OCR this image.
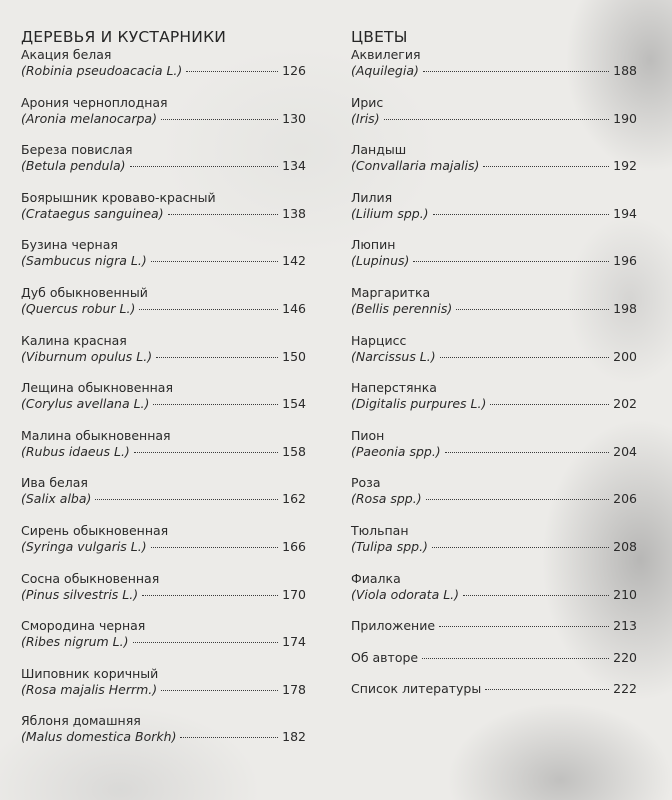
ДЕРЕВЬЯ И КУСТАРНИКИ
Акация белая
(Robinia pseudoacacia L.)	126
Арония черноплодная
(Aronia melanocarpa)	130
Береза повислая
(Betula pendula)	134
Боярышник кроваво-красный
(Crataegus sanguinea)	138
Бузина черная
(Sambucus nigra L.)	142
Дуб обыкновенный
(Quercus robur L.)	146
Калина красная
(Viburnum opulus L.)	150
Лещина обыкновенная
(Corylus avellana L.)	154
Малина обыкновенная
(Rubus idaeus L.)	158
Ива белая
(Salix alba)	162
Сирень обыкновенная
(Syringa vulgaris L.)	166
Сосна обыкновенная
(Pinus silvestris L.)	170
Смородина черная
(Ribes nigrum L.)	174
Шиповник коричный
(Rosa majalis Herrm.)	178
Яблоня домашняя
(Malus domestica Borkh)	182
ЦВЕТЫ
Аквилегия
(Aquilegia)	188
Ирис
(Iris)	190
Ландыш
(Convallaria majalis)	192
Лилия
(Lilium spp.)	194
Люпин
(Lupinus)	196
Маргаритка
(Bellis perennis)	198
Нарцисс
(Narcissus L.)	200
Наперстянка
(Digitalis purpures L.)	202
Пион
(Paeonia spp.)	204
Роза
(Rosa spp.)	206
Тюльпан
(Tulipa spp.)	208
Фиалка
(Viola odorata L.)	210
Приложение	213
Об авторе	220
Список литературы	222
